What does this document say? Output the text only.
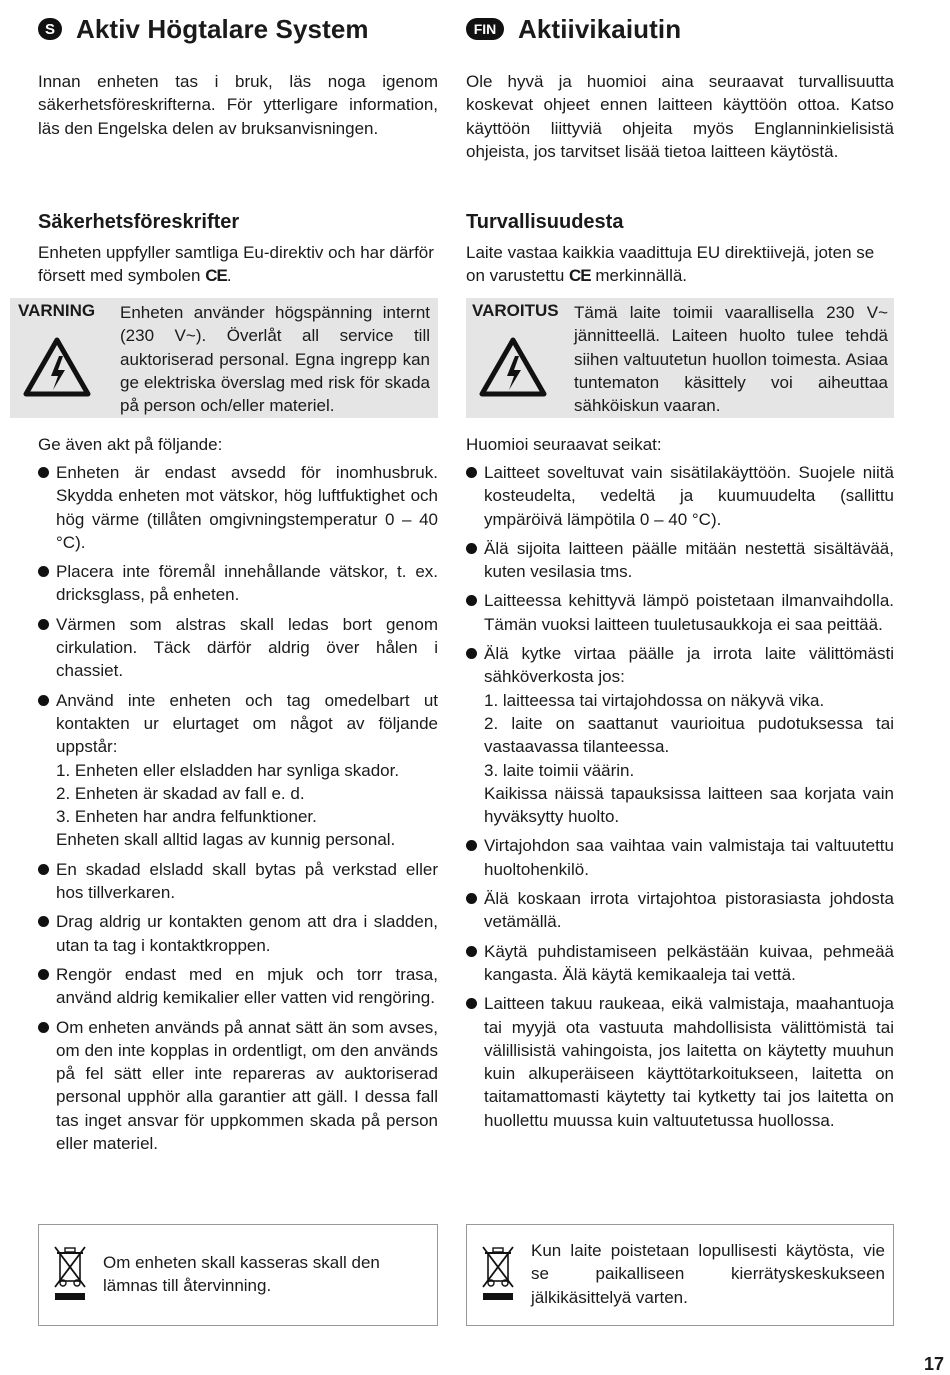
S Aktiv Högtalare System

Innan enheten tas i bruk, läs noga igenom säkerhetsföreskrifterna. För ytterligare information, läs den Engelska delen av bruksanvisningen.

Säkerhetsföreskrifter

Enheten uppfyller samtliga Eu-direktiv och har därför försett med symbolen CE.

VARNING Enheten använder högspänning internt (230 V~). Överlåt all service till auktoriserad personal. Egna ingrepp kan ge elektriska överslag med risk för skada på person och/eller materiel.

Ge även akt på följande:

Enheten är endast avsedd för inomhusbruk. Skydda enheten mot vätskor, hög luftfuktighet och hög värme (tillåten omgivningstemperatur 0 – 40 °C).

Placera inte föremål innehållande vätskor, t. ex. dricksglass, på enheten.

Värmen som alstras skall ledas bort genom cirkulation. Täck därför aldrig över hålen i chassiet.

Använd inte enheten och tag omedelbart ut kontakten ur elurtaget om något av följande uppstår:
1. Enheten eller elsladden har synliga skador.
2. Enheten är skadad av fall e. d.
3. Enheten har andra felfunktioner.
Enheten skall alltid lagas av kunnig personal.

En skadad elsladd skall bytas på verkstad eller hos tillverkaren.

Drag aldrig ur kontakten genom att dra i sladden, utan ta tag i kontaktkroppen.

Rengör endast med en mjuk och torr trasa, använd aldrig kemikalier eller vatten vid rengöring.

Om enheten används på annat sätt än som avses, om den inte kopplas in ordentligt, om den används på fel sätt eller inte repareras av auktoriserad personal upphör alla garantier att gäll. I dessa fall tas inget ansvar för uppkommen skada på person eller materiel.

Om enheten skall kasseras skall den lämnas till återvinning.

FIN Aktiivikaiutin

Ole hyvä ja huomioi aina seuraavat turvallisuutta koskevat ohjeet ennen laitteen käyttöön ottoa. Katso käyttöön liittyviä ohjeita myös Englanninkielisistä ohjeista, jos tarvitset lisää tietoa laitteen käytöstä.

Turvallisuudesta

Laite vastaa kaikkia vaadittuja EU direktiivejä, joten se on varustettu CE merkinnällä.

VAROITUS Tämä laite toimii vaarallisella 230 V~ jännitteellä. Laiteen huolto tulee tehdä siihen valtuutetun huollon toimesta. Asiaa tuntematon käsittely voi aiheuttaa sähköiskun vaaran.

Huomioi seuraavat seikat:

Laitteet soveltuvat vain sisätilakäyttöön. Suojele niitä kosteudelta, vedeltä ja kuumuudelta (sallittu ympäröivä lämpötila 0 – 40 °C).

Älä sijoita laitteen päälle mitään nestettä sisältävää, kuten vesilasia tms.

Laitteessa kehittyvä lämpö poistetaan ilmanvaihdolla. Tämän vuoksi laitteen tuuletusaukkoja ei saa peittää.

Älä kytke virtaa päälle ja irrota laite välittömästi sähköverkosta jos:
1. laitteessa tai virtajohdossa on näkyvä vika.
2. laite on saattanut vaurioitua pudotuksessa tai vastaavassa tilanteessa.
3. laite toimii väärin.
Kaikissa näissä tapauksissa laitteen saa korjata vain hyväksytty huolto.

Virtajohdon saa vaihtaa vain valmistaja tai valtuutettu huoltohenkilö.

Älä koskaan irrota virtajohtoa pistorasiasta johdosta vetämällä.

Käytä puhdistamiseen pelkästään kuivaa, pehmeää kangasta. Älä käytä kemikaaleja tai vettä.

Laitteen takuu raukeaa, eikä valmistaja, maahantuoja tai myyjä ota vastuuta mahdollisista välittömistä tai välillisistä vahingoista, jos laitetta on käytetty muuhun kuin alkuperäiseen käyttötarkoitukseen, laitetta on taitamattomasti käytetty tai kytketty tai jos laitetta on huollettu muussa kuin valtuutetussa huollossa.

Kun laite poistetaan lopullisesti käytösta, vie se paikalliseen kierrätyskeskukseen jälkikäsittelyä varten.

17
